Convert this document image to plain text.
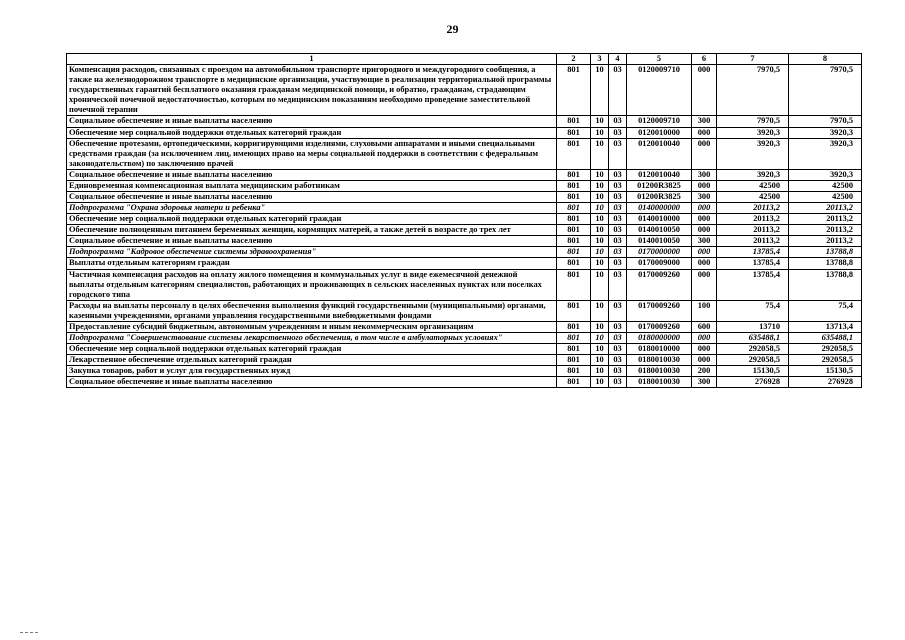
29
1	2	3	4	5	6	7	8
Компенсация расходов, связанных с проездом на автомобильном транспорте пригородного и междугородного сообщения, а также на железнодорожном транспорте в медицинские организации, участвующие в реализации территориальной программы государственных гарантий бесплатного оказания гражданам медицинской помощи, и обратно, гражданам, страдающим хронической почечной недостаточностью, которым по медицинским показаниям необходимо проведение заместительной почечной терапии	801	10	03	0120009710	000	7970,5	7970,5
Социальное обеспечение и иные выплаты населению	801	10	03	0120009710	300	7970,5	7970,5
Обеспечение мер социальной поддержки отдельных категорий граждан	801	10	03	0120010000	000	3920,3	3920,3
Обеспечение протезами, ортопедическими, корригирующими изделиями, слуховыми аппаратами и иными специальными средствами граждан (за исключением лиц, имеющих право на меры социальной поддержки в соответствии с федеральным законодательством) по заключению врачей	801	10	03	0120010040	000	3920,3	3920,3
Социальное обеспечение и иные выплаты населению	801	10	03	0120010040	300	3920,3	3920,3
Единовременная компенсационная выплата медицинским работникам	801	10	03	01200R3825	000	42500	42500
Социальное обеспечение и иные выплаты населению	801	10	03	01200R3825	300	42500	42500
Подпрограмма "Охрана здоровья матери и ребенка"	801	10	03	0140000000	000	20113,2	20113,2
Обеспечение мер социальной поддержки отдельных категорий граждан	801	10	03	0140010000	000	20113,2	20113,2
Обеспечение полноценным питанием беременных женщин, кормящих матерей, а также детей в возрасте до трех лет	801	10	03	0140010050	000	20113,2	20113,2
Социальное обеспечение и иные выплаты населению	801	10	03	0140010050	300	20113,2	20113,2
Подпрограмма "Кадровое обеспечение системы здравоохранения"	801	10	03	0170000000	000	13785,4	13788,8
Выплаты отдельным категориям граждан	801	10	03	0170009000	000	13785,4	13788,8
Частичная компенсация расходов на оплату жилого помещения и коммунальных услуг в виде ежемесячной денежной выплаты отдельным категориям специалистов, работающих и проживающих в сельских населенных пунктах или поселках городского типа	801	10	03	0170009260	000	13785,4	13788,8
Расходы на выплаты персоналу в целях обеспечения выполнения функций государственными (муниципальными) органами, казенными учреждениями, органами управления государственными внебюджетными фондами	801	10	03	0170009260	100	75,4	75,4
Предоставление субсидий бюджетным, автономным учреждениям и иным некоммерческим организациям	801	10	03	0170009260	600	13710	13713,4
Подпрограмма "Совершенствование системы лекарственного обеспечения, в том числе в амбулаторных условиях"	801	10	03	0180000000	000	635488,1	635488,1
Обеспечение мер социальной поддержки отдельных категорий граждан	801	10	03	0180010000	000	292058,5	292058,5
Лекарственное обеспечение отдельных категорий граждан	801	10	03	0180010030	000	292058,5	292058,5
Закупка товаров, работ и услуг для государственных нужд	801	10	03	0180010030	200	15130,5	15130,5
Социальное обеспечение и иные выплаты населению	801	10	03	0180010030	300	276928	276928
